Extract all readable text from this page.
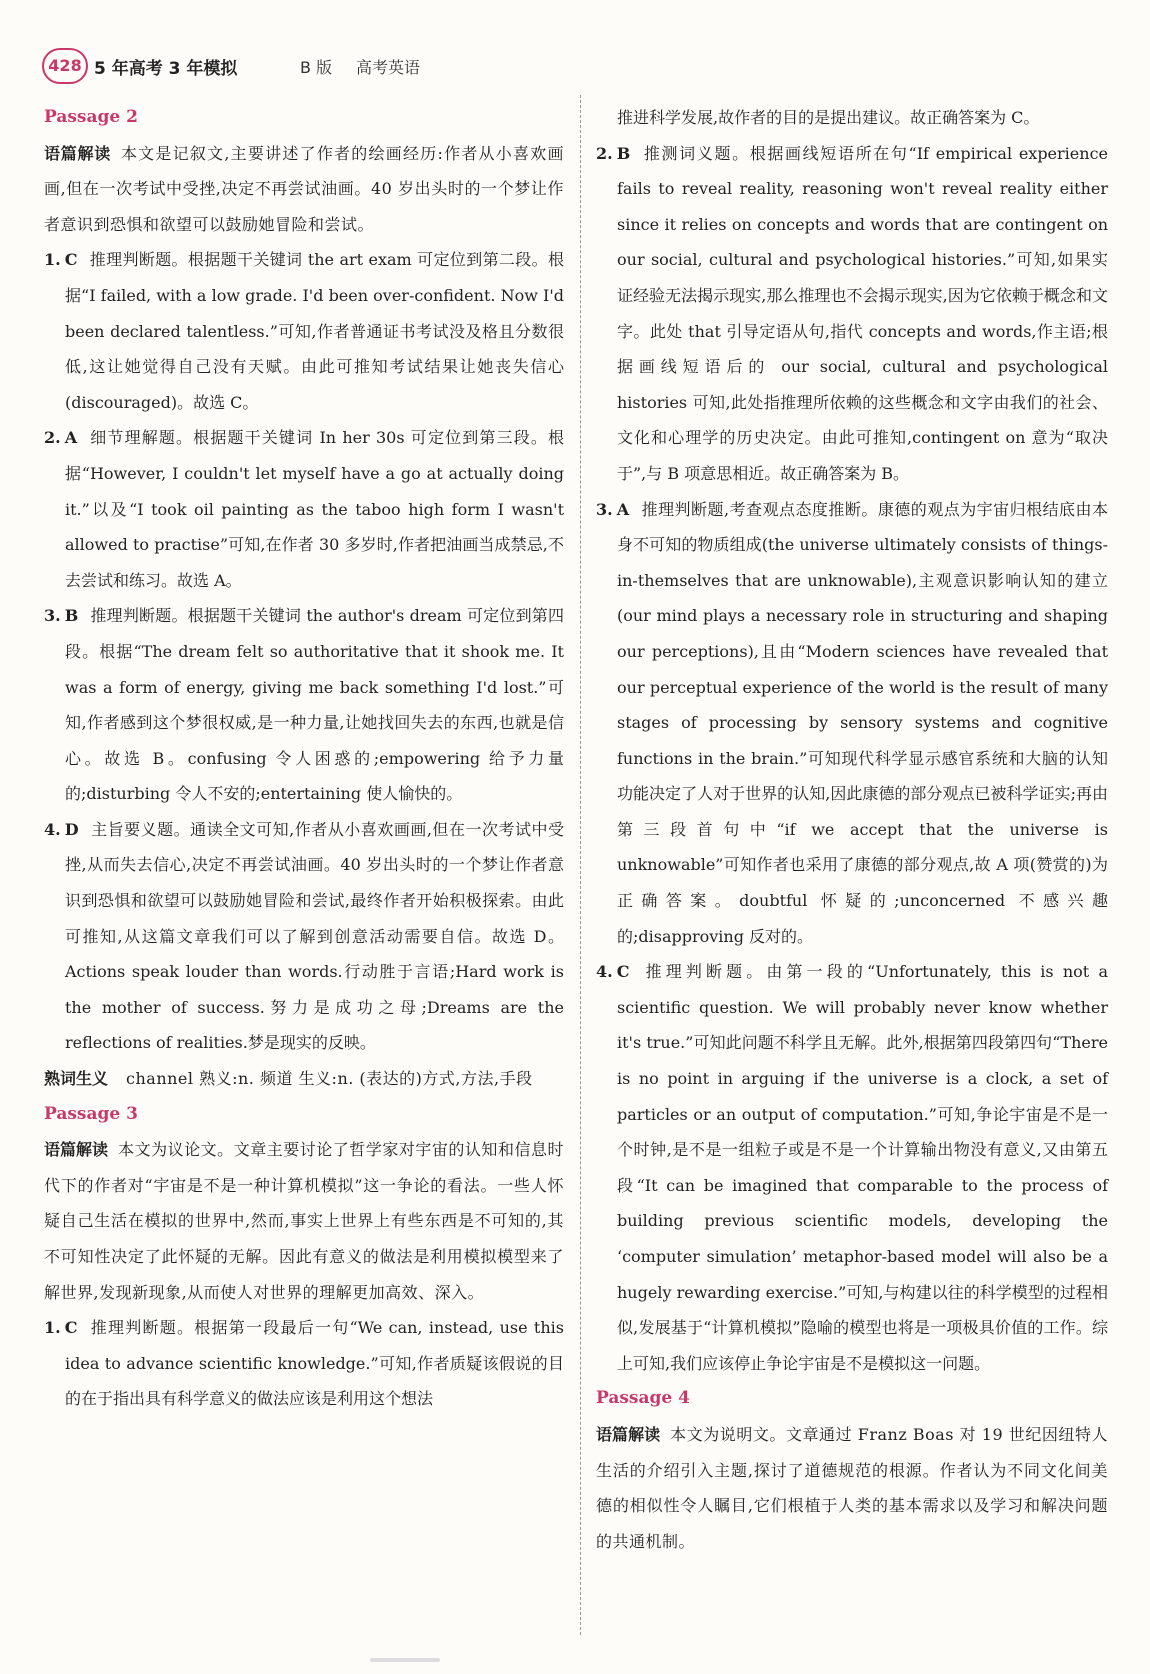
428 5 年高考 3 年模拟	B 版 高考英语

Passage 2

语篇解读 本文是记叙文,主要讲述了作者的绘画经历:作者从小喜欢画画,但在一次考试中受挫,决定不再尝试油画。40 岁出头时的一个梦让作者意识到恐惧和欲望可以鼓励她冒险和尝试。

1. C 推理判断题。根据题干关键词 the art exam 可定位到第二段。根据“I failed, with a low grade. I'd been over-confident. Now I'd been declared talentless.”可知,作者普通证书考试没及格且分数很低,这让她觉得自己没有天赋。由此可推知考试结果让她丧失信心(discouraged)。故选 C。

2. A 细节理解题。根据题干关键词 In her 30s 可定位到第三段。根据“However, I couldn't let myself have a go at actually doing it.”以及“I took oil painting as the taboo high form I wasn't allowed to practise”可知,在作者 30 多岁时,作者把油画当成禁忌,不去尝试和练习。故选 A。

3. B 推理判断题。根据题干关键词 the author's dream 可定位到第四段。根据“The dream felt so authoritative that it shook me. It was a form of energy, giving me back something I'd lost.”可知,作者感到这个梦很权威,是一种力量,让她找回失去的东西,也就是信心。故选 B。confusing 令人困惑的;empowering 给予力量的;disturbing 令人不安的;entertaining 使人愉快的。

4. D 主旨要义题。通读全文可知,作者从小喜欢画画,但在一次考试中受挫,从而失去信心,决定不再尝试油画。40 岁出头时的一个梦让作者意识到恐惧和欲望可以鼓励她冒险和尝试,最终作者开始积极探索。由此可推知,从这篇文章我们可以了解到创意活动需要自信。故选 D。Actions speak louder than words.行动胜于言语;Hard work is the mother of success.努力是成功之母;Dreams are the reflections of realities.梦是现实的反映。

熟词生义 channel 熟义:n. 频道 生义:n. (表达的)方式,方法,手段

Passage 3

语篇解读 本文为议论文。文章主要讨论了哲学家对宇宙的认知和信息时代下的作者对“宇宙是不是一种计算机模拟”这一争论的看法。一些人怀疑自己生活在模拟的世界中,然而,事实上世界上有些东西是不可知的,其不可知性决定了此怀疑的无解。因此有意义的做法是利用模拟模型来了解世界,发现新现象,从而使人对世界的理解更加高效、深入。

1. C 推理判断题。根据第一段最后一句“We can, instead, use this idea to advance scientific knowledge.”可知,作者质疑该假说的目的在于指出具有科学意义的做法应该是利用这个想法

推进科学发展,故作者的目的是提出建议。故正确答案为 C。

2. B 推测词义题。根据画线短语所在句“If empirical experience fails to reveal reality, reasoning won't reveal reality either since it relies on concepts and words that are contingent on our social, cultural and psychological histories.”可知,如果实证经验无法揭示现实,那么推理也不会揭示现实,因为它依赖于概念和文字。此处 that 引导定语从句,指代 concepts and words,作主语;根据画线短语后的 our social, cultural and psychological histories 可知,此处指推理所依赖的这些概念和文字由我们的社会、文化和心理学的历史决定。由此可推知,contingent on 意为“取决于”,与 B 项意思相近。故正确答案为 B。

3. A 推理判断题,考查观点态度推断。康德的观点为宇宙归根结底由本身不可知的物质组成(the universe ultimately consists of things-in-themselves that are unknowable),主观意识影响认知的建立(our mind plays a necessary role in structuring and shaping our perceptions),且由“Modern sciences have revealed that our perceptual experience of the world is the result of many stages of processing by sensory systems and cognitive functions in the brain.”可知现代科学显示感官系统和大脑的认知功能决定了人对于世界的认知,因此康德的部分观点已被科学证实;再由第三段首句中“if we accept that the universe is unknowable”可知作者也采用了康德的部分观点,故 A 项(赞赏的)为正确答案。doubtful 怀疑的;unconcerned 不感兴趣的;disapproving 反对的。

4. C 推理判断题。由第一段的“Unfortunately, this is not a scientific question. We will probably never know whether it's true.”可知此问题不科学且无解。此外,根据第四段第四句“There is no point in arguing if the universe is a clock, a set of particles or an output of computation.”可知,争论宇宙是不是一个时钟,是不是一组粒子或是不是一个计算输出物没有意义,又由第五段“It can be imagined that comparable to the process of building previous scientific models, developing the ‘computer simulation’ metaphor-based model will also be a hugely rewarding exercise.”可知,与构建以往的科学模型的过程相似,发展基于“计算机模拟”隐喻的模型也将是一项极具价值的工作。综上可知,我们应该停止争论宇宙是不是模拟这一问题。

Passage 4

语篇解读 本文为说明文。文章通过 Franz Boas 对 19 世纪因纽特人生活的介绍引入主题,探讨了道德规范的根源。作者认为不同文化间美德的相似性令人瞩目,它们根植于人类的基本需求以及学习和解决问题的共通机制。
